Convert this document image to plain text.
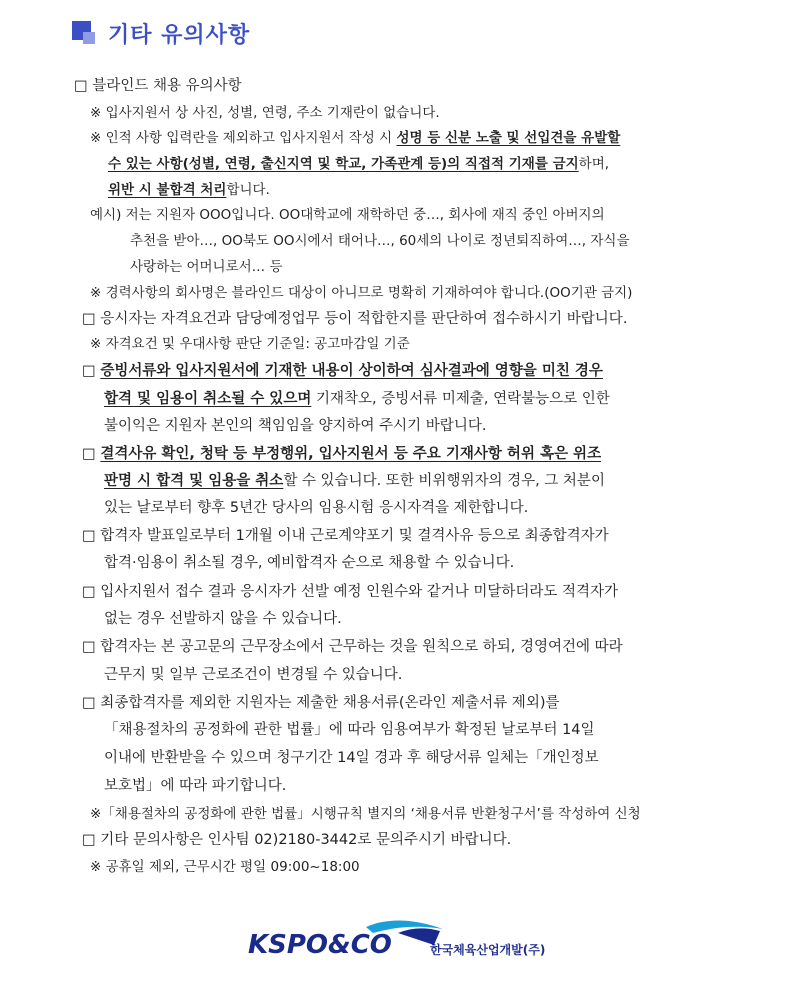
기타 유의사항
□ 블라인드 채용 유의사항
※ 입사지원서 상 사진, 성별, 연령, 주소 기재란이 없습니다.
※ 인적 사항 입력란을 제외하고 입사지원서 작성 시 성명 등 신분 노출 및 선입견을 유발할
수 있는 사항(성별, 연령, 출신지역 및 학교, 가족관계 등)의 직접적 기재를 금지하며,
위반 시 불합격 처리합니다.
예시) 저는 지원자 OOO입니다. OO대학교에 재학하던 중…, 회사에 재직 중인 아버지의
추천을 받아…, OO북도 OO시에서 태어나…, 60세의 나이로 정년퇴직하여…, 자식을
사랑하는 어머니로서… 등
※ 경력사항의 회사명은 블라인드 대상이 아니므로 명확히 기재하여야 합니다.(OO기관 금지)
□ 응시자는 자격요건과 담당예정업무 등이 적합한지를 판단하여 접수하시기 바랍니다.
※ 자격요건 및 우대사항 판단 기준일: 공고마감일 기준
□ 증빙서류와 입사지원서에 기재한 내용이 상이하여 심사결과에 영향을 미친 경우
합격 및 임용이 취소될 수 있으며 기재착오, 증빙서류 미제출, 연락불능으로 인한
불이익은 지원자 본인의 책임임을 양지하여 주시기 바랍니다.
□ 결격사유 확인, 청탁 등 부정행위, 입사지원서 등 주요 기재사항 허위 혹은 위조
판명 시 합격 및 임용을 취소할 수 있습니다. 또한 비위행위자의 경우, 그 처분이
있는 날로부터 향후 5년간 당사의 임용시험 응시자격을 제한합니다.
□ 합격자 발표일로부터 1개월 이내 근로계약포기 및 결격사유 등으로 최종합격자가
합격·임용이 취소될 경우, 예비합격자 순으로 채용할 수 있습니다.
□ 입사지원서 접수 결과 응시자가 선발 예정 인원수와 같거나 미달하더라도 적격자가
없는 경우 선발하지 않을 수 있습니다.
□ 합격자는 본 공고문의 근무장소에서 근무하는 것을 원칙으로 하되, 경영여건에 따라
근무지 및 일부 근로조건이 변경될 수 있습니다.
□ 최종합격자를 제외한 지원자는 제출한 채용서류(온라인 제출서류 제외)를
「채용절차의 공정화에 관한 법률」에 따라 임용여부가 확정된 날로부터 14일
이내에 반환받을 수 있으며 청구기간 14일 경과 후 해당서류 일체는「개인정보
보호법」에 따라 파기합니다.
※「채용절차의 공정화에 관한 법률」시행규칙 별지의 ‘채용서류 반환청구서’를 작성하여 신청
□ 기타 문의사항은 인사팀 02)2180-3442로 문의주시기 바랍니다.
※ 공휴일 제외, 근무시간 평일 09:00~18:00
KSPO&CO	한국체육산업개발(주)
